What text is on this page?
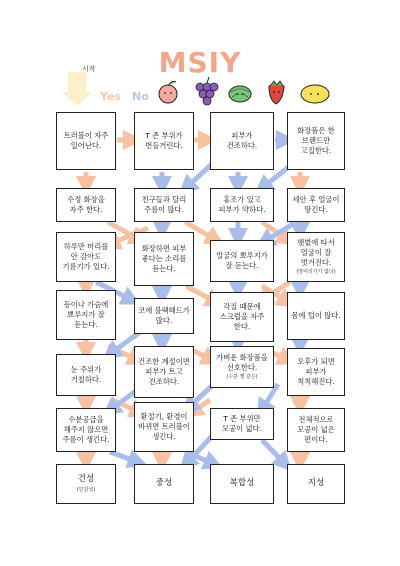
MSIY
시작
Yes No
트러블이 자주
일어난다.
T 존 부위가
번들거린다.
피부가
건조하다.
화장품은 한
브랜드만
고집한다.
수정 화장을
자주 한다.
친구들과 달리
주름이 많다.
홍조가 있고
피부가 약하다.
세안 후 얼굴이
땅긴다.
하루만 머리를
안 감아도
기름기가 있다.
화장하면 피부
좋다는 소리를
듣는다.
얼굴의 뾰루지가
잘 돋는다.
햇볕에 타서
얼굴이 잘
벗겨진다.
(앞머리가가 없다)
등이나 가슴에
뾰루지가 잘
돋는다.
코에 블랙헤드가
많다.
각질 때문에
스크럽을 자주
한다.
몸에 털이 많다.
눈 주위가
거칠하다.
건조한 계절이면
피부가 트고
건조하다.
가벼운 화장품을
선호한다.
(수분 젤 같은)
오후가 되면
피부가
칙칙해진다.
수분공급을
해주지 않으면
주름이 생긴다.
환절기, 환경이
바뀌면 트러블이
생긴다.
T 존 부위만
모공이 넓다.
전체적으로
모공이 넓은
편이다.
건성
(민감성)
중성	복합성	지성
